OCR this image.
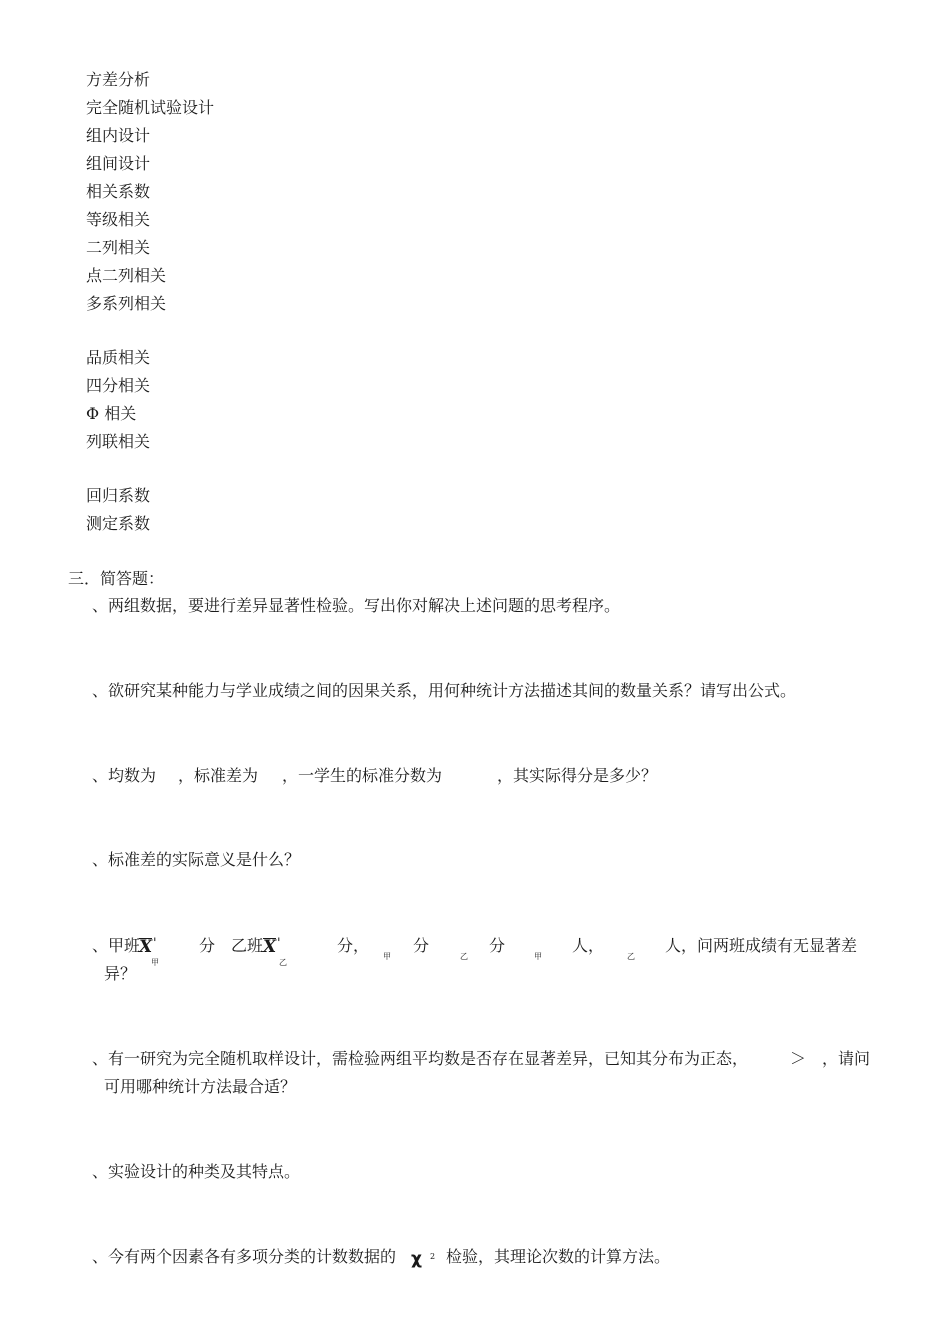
方差分析
完全随机试验设计
组内设计
组间设计
相关系数
等级相关
二列相关
点二列相关
多系列相关
品质相关
四分相关
Φ 相关
列联相关
回归系数
测定系数
三．简答题：
、两组数据，要进行差异显著性检验。写出你对解决上述问题的思考程序。
、欲研究某种能力与学业成绩之间的因果关系，用何种统计方法描述其间的数量关系？请写出公式。
、均数为 ，标准差为 ，一学生的标准分数为	，其实际得分是多少？
、标准差的实际意义是什么？
、甲班
X '
甲
分 乙班 X '
乙
分，
甲
分
乙
分
甲
人，
乙
人，问两班成绩有无显著差
异？
、有一研究为完全随机取样设计，需检验两组平均数是否存在显著差异，已知其分布为正态，	＞ ，请问
可用哪种统计方法最合适？
、实验设计的种类及其特点。
、今有两个因素各有多项分类的计数数据的 χ 2 检验，其理论次数的计算方法。
